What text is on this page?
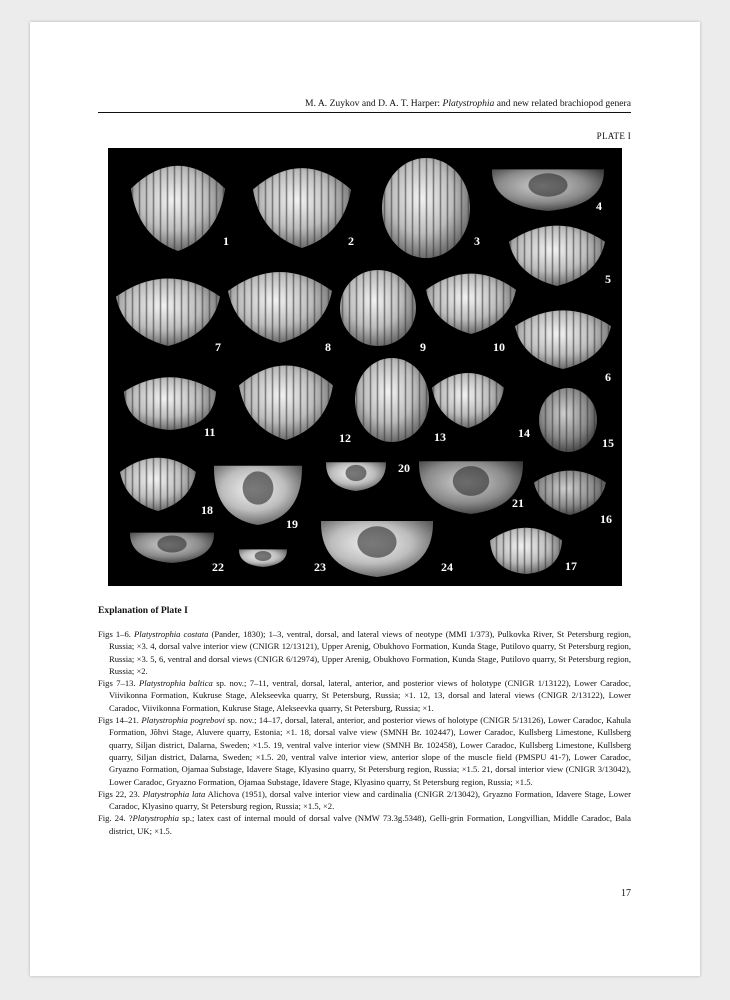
M. A. Zuykov and D. A. T. Harper: Platystrophia and new related brachiopod genera
PLATE I
1	2	3
4
5
6
7	8	9	10
11	12	13	14
15
16
17
18
19
20
21
22	23	24
Explanation of Plate I

Figs 1–6. Platystrophia costata (Pander, 1830); 1–3, ventral, dorsal, and lateral views of neotype (MMI 1/373), Pulkovka River, St Petersburg region, Russia; ×3. 4, dorsal valve interior view (CNIGR 12/13121), Upper Arenig, Obukhovo Formation, Kunda Stage, Putilovo quarry, St Petersburg region, Russia; ×3. 5, 6, ventral and dorsal views (CNIGR 6/12974), Upper Arenig, Obukhovo Formation, Kunda Stage, Putilovo quarry, St Petersburg region, Russia; ×2.

Figs 7–13. Platystrophia baltica sp. nov.; 7–11, ventral, dorsal, lateral, anterior, and posterior views of holotype (CNIGR 1/13122), Lower Caradoc, Viivikonna Formation, Kukruse Stage, Alekseevka quarry, St Petersburg, Russia; ×1. 12, 13, dorsal and lateral views (CNIGR 2/13122), Lower Caradoc, Viivikonna Formation, Kukruse Stage, Alekseevka quarry, St Petersburg, Russia; ×1.

Figs 14–21. Platystrophia pogrebovi sp. nov.; 14–17, dorsal, lateral, anterior, and posterior views of holotype (CNIGR 5/13126), Lower Caradoc, Kahula Formation, Jõhvi Stage, Aluvere quarry, Estonia; ×1. 18, dorsal valve view (SMNH Br. 102447), Lower Caradoc, Kullsberg Limestone, Kullsberg quarry, Siljan district, Dalarna, Sweden; ×1.5. 19, ventral valve interior view (SMNH Br. 102458), Lower Caradoc, Kullsberg Limestone, Kullsberg quarry, Siljan district, Dalarna, Sweden; ×1.5. 20, ventral valve interior view, anterior slope of the muscle field (PMSPU 41-7), Lower Caradoc, Gryazno Formation, Ojamaa Substage, Idavere Stage, Klyasino quarry, St Petersburg region, Russia; ×1.5. 21, dorsal interior view (CNIGR 3/13042), Lower Caradoc, Gryazno Formation, Ojamaa Substage, Idavere Stage, Klyasino quarry, St Petersburg region, Russia; ×1.5.

Figs 22, 23. Platystrophia lata Alichova (1951), dorsal valve interior view and cardinalia (CNIGR 2/13042), Gryazno Formation, Idavere Stage, Lower Caradoc, Klyasino quarry, St Petersburg region, Russia; ×1.5, ×2.

Fig. 24. ?Platystrophia sp.; latex cast of internal mould of dorsal valve (NMW 73.3g.5348), Gelli-grin Formation, Longvillian, Middle Caradoc, Bala district, UK; ×1.5.

17
